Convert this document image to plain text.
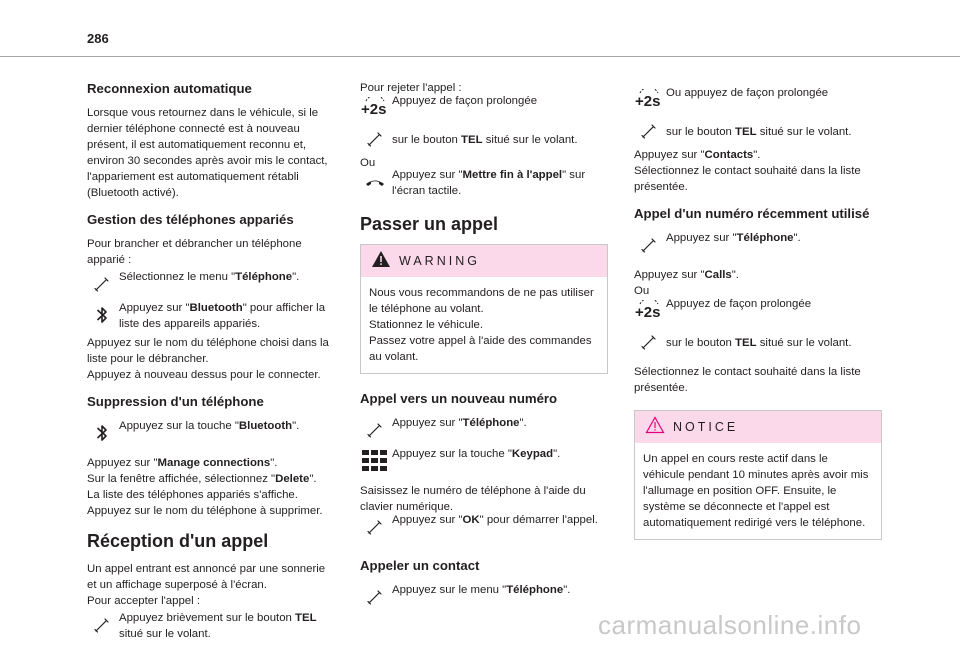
286
Reconnexion automatique

Lorsque vous retournez dans le véhicule, si le dernier téléphone connecté est à nouveau présent, il est automatiquement reconnu et, environ 30 secondes après avoir mis le contact, l'appariement est automatiquement rétabli (Bluetooth activé).

Gestion des téléphones appariés

Pour brancher et débrancher un téléphone apparié :

Sélectionnez le menu "Téléphone".
Appuyez sur "Bluetooth" pour afficher la liste des appareils appariés.

Appuyez sur le nom du téléphone choisi dans la liste pour le débrancher.

Appuyez à nouveau dessus pour le connecter.

Suppression d'un téléphone
Appuyez sur la touche "Bluetooth".

Appuyez sur "Manage connections".

Sur la fenêtre affichée, sélectionnez "Delete".

La liste des téléphones appariés s'affiche.

Appuyez sur le nom du téléphone à supprimer.

Réception d'un appel

Un appel entrant est annoncé par une sonnerie et un affichage superposé à l'écran.

Pour accepter l'appel :

Appuyez brièvement sur le bouton TEL situé sur le volant.

Pour rejeter l'appel :

+2s Appuyez de façon prolongée
sur le bouton TEL situé sur le volant.

Ou

Appuyez sur "Mettre fin à l'appel" sur l'écran tactile.
Passer un appel
WARNING

Nous vous recommandons de ne pas utiliser le téléphone au volant.

Stationnez le véhicule.

Passez votre appel à l'aide des commandes au volant.

Appel vers un nouveau numéro
Appuyez sur "Téléphone".
Appuyez sur la touche "Keypad".

Saisissez le numéro de téléphone à l'aide du clavier numérique.

Appuyez sur "OK" pour démarrer l'appel.
Appeler un contact
Appuyez sur le menu "Téléphone".
+2s Ou appuyez de façon prolongée
sur le bouton TEL situé sur le volant.

Appuyez sur "Contacts".

Sélectionnez le contact souhaité dans la liste présentée.

Appel d'un numéro récemment utilisé
Appuyez sur "Téléphone".

Appuyez sur "Calls".

Ou

+2s Appuyez de façon prolongée
sur le bouton TEL situé sur le volant.

Sélectionnez le contact souhaité dans la liste présentée.

NOTICE

Un appel en cours reste actif dans le véhicule pendant 10 minutes après avoir mis l'allumage en position OFF. Ensuite, le système se déconnecte et l'appel est automatiquement redirigé vers le téléphone.

carmanualsonline.info
